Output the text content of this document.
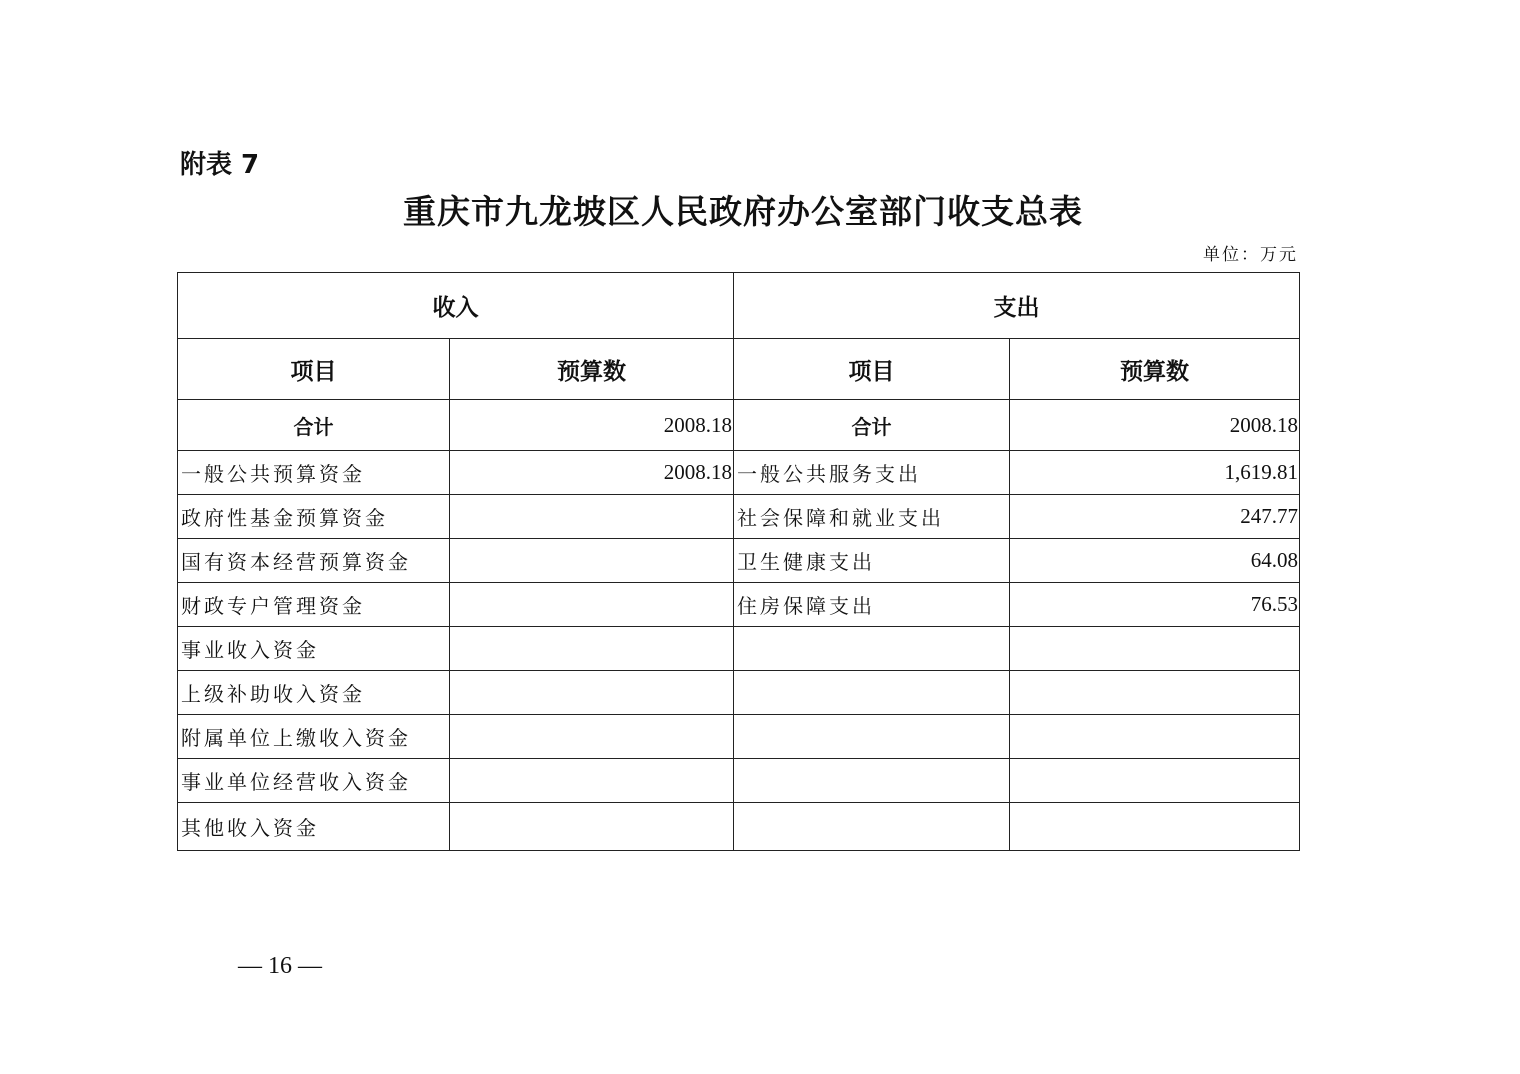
附表 7
重庆市九龙坡区人民政府办公室部门收支总表
单位：万元
收入		支出	
项目	预算数	项目	预算数
合计	2008.18	合计	2008.18
一般公共预算资金	2008.18	一般公共服务支出	1,619.81
政府性基金预算资金		社会保障和就业支出	247.77
国有资本经营预算资金		卫生健康支出	64.08
财政专户管理资金		住房保障支出	76.53
事业收入资金			
上级补助收入资金			
附属单位上缴收入资金			
事业单位经营收入资金			
其他收入资金			
— 16 —
